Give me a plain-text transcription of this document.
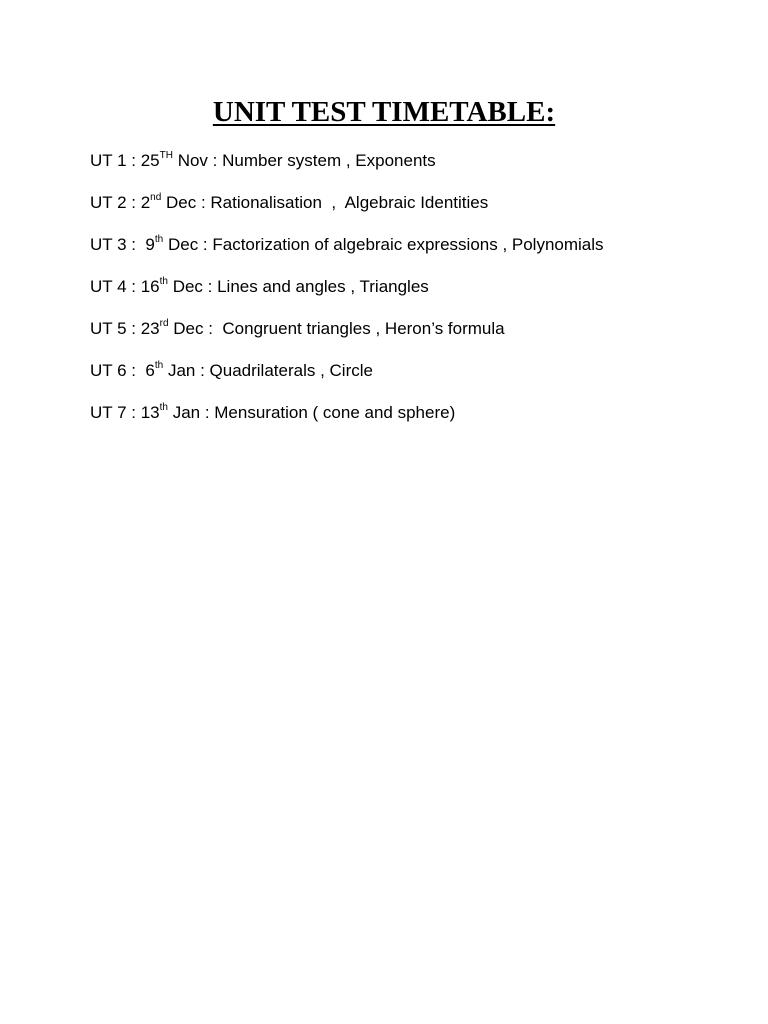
UNIT TEST TIMETABLE:
UT 1 : 25TH Nov : Number system , Exponents
UT 2 : 2nd Dec : Rationalisation  ,  Algebraic Identities
UT 3 :  9th Dec : Factorization of algebraic expressions , Polynomials
UT 4 : 16th Dec : Lines and angles , Triangles
UT 5 : 23rd Dec :  Congruent triangles , Heron’s formula
UT 6 :  6th Jan : Quadrilaterals , Circle
UT 7 : 13th Jan : Mensuration ( cone and sphere)
